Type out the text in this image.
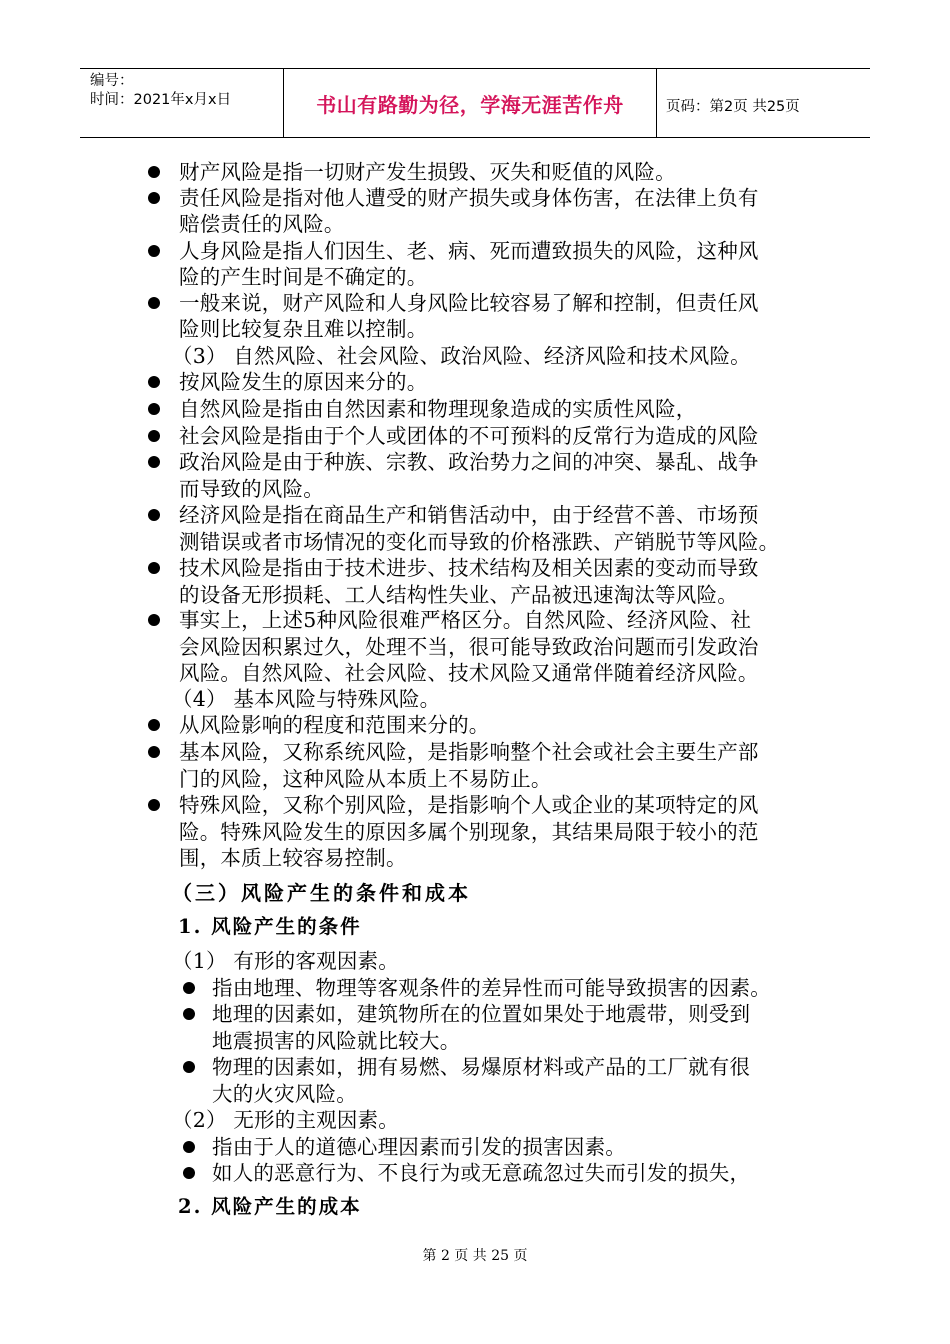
编号：
时间：2021年x月x日	书山有路勤为径，学海无涯苦作舟	页码：第2页 共25页
财产风险是指一切财产发生损毁、灭失和贬值的风险。
责任风险是指对他人遭受的财产损失或身体伤害，在法律上负有
赔偿责任的风险。
人身风险是指人们因生、老、病、死而遭致损失的风险，这种风
险的产生时间是不确定的。
一般来说，财产风险和人身风险比较容易了解和控制，但责任风
险则比较复杂且难以控制。
（3） 自然风险、社会风险、政治风险、经济风险和技术风险。
按风险发生的原因来分的。
自然风险是指由自然因素和物理现象造成的实质性风险，
社会风险是指由于个人或团体的不可预料的反常行为造成的风险
政治风险是由于种族、宗教、政治势力之间的冲突、暴乱、战争
而导致的风险。
经济风险是指在商品生产和销售活动中，由于经营不善、市场预
测错误或者市场情况的变化而导致的价格涨跌、产销脱节等风险。
技术风险是指由于技术进步、技术结构及相关因素的变动而导致
的设备无形损耗、工人结构性失业、产品被迅速淘汰等风险。
事实上，上述5种风险很难严格区分。自然风险、经济风险、社
会风险因积累过久，处理不当，很可能导致政治问题而引发政治
风险。自然风险、社会风险、技术风险又通常伴随着经济风险。
（4） 基本风险与特殊风险。
从风险影响的程度和范围来分的。
基本风险，又称系统风险，是指影响整个社会或社会主要生产部
门的风险，这种风险从本质上不易防止。
特殊风险，又称个别风险，是指影响个人或企业的某项特定的风
险。特殊风险发生的原因多属个别现象，其结果局限于较小的范
围，本质上较容易控制。
（三）风险产生的条件和成本
1. 风险产生的条件
（1） 有形的客观因素。
指由地理、物理等客观条件的差异性而可能导致损害的因素。
地理的因素如，建筑物所在的位置如果处于地震带，则受到
地震损害的风险就比较大。
物理的因素如，拥有易燃、易爆原材料或产品的工厂就有很
大的火灾风险。
（2） 无形的主观因素。
指由于人的道德心理因素而引发的损害因素。
如人的恶意行为、不良行为或无意疏忽过失而引发的损失，
2. 风险产生的成本
第 2 页 共 25 页
